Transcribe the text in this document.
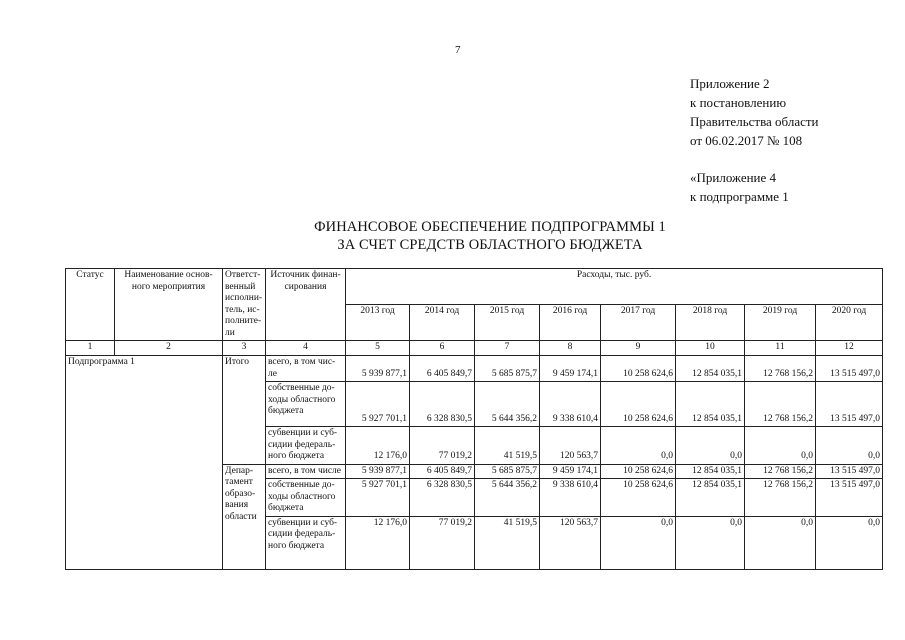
7
Приложение 2
к постановлению
Правительства области
от 06.02.2017 № 108
«Приложение 4
к подпрограмме 1
ФИНАНСОВОЕ ОБЕСПЕЧЕНИЕ ПОДПРОГРАММЫ 1
ЗА СЧЕТ СРЕДСТВ ОБЛАСТНОГО БЮДЖЕТА
Статус	Наименование основ-ного мероприятия	Ответст-венный исполни-тель, ис-полните-ли	Источник финан-сирования	Расходы, тыс. руб.							
				2013 год	2014 год	2015 год	2016 год	2017 год	2018 год	2019 год	2020 год
1	2	3	4	5	6	7	8	9	10	11	12
Подпрограмма 1		Итого	всего, в том чис-ле	5 939 877,1	6 405 849,7	5 685 875,7	9 459 174,1	10 258 624,6	12 854 035,1	12 768 156,2	13 515 497,0
			собственные до-ходы областного бюджета	5 927 701,1	6 328 830,5	5 644 356,2	9 338 610,4	10 258 624,6	12 854 035,1	12 768 156,2	13 515 497,0
			субвенции и суб-сидии федераль-ного бюджета	12 176,0	77 019,2	41 519,5	120 563,7	0,0	0,0	0,0	0,0
		Депар-тамент образо-вания области	всего, в том числе	5 939 877,1	6 405 849,7	5 685 875,7	9 459 174,1	10 258 624,6	12 854 035,1	12 768 156,2	13 515 497,0
			собственные до-ходы областного бюджета	5 927 701,1	6 328 830,5	5 644 356,2	9 338 610,4	10 258 624,6	12 854 035,1	12 768 156,2	13 515 497,0
			субвенции и суб-сидии федераль-ного бюджета	12 176,0	77 019,2	41 519,5	120 563,7	0,0	0,0	0,0	0,0
